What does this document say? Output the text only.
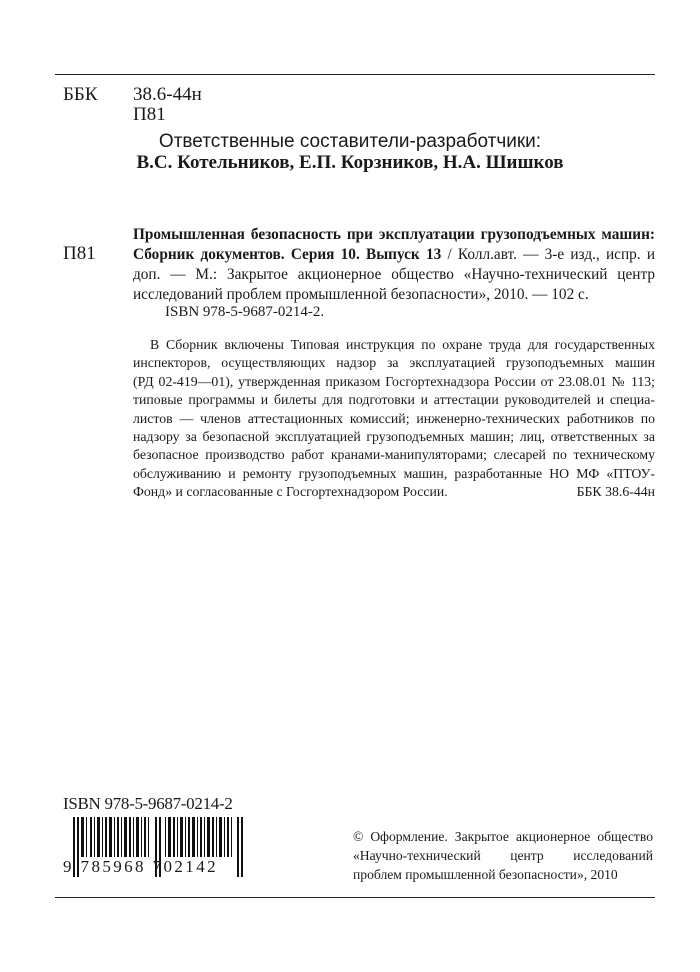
ББК 38.6-44н
П81
Ответственные составители-разработчики:
В.С. Котельников, Е.П. Корзников, Н.А. Шишков
П81
Промышленная безопасность при эксплуатации грузоподъемных машин:
Сборник документов. Серия 10. Выпуск 13 / Колл.авт. — 3-е изд., испр. и
доп. — М.: Закрытое акционерное общество «Научно-технический центр
исследований проблем промышленной безопасности», 2010. — 102 с.
ISBN 978-5-9687-0214-2.
В Сборник включены Типовая инструкция по охране труда для государственных
инспекторов, осуществляющих надзор за эксплуатацией грузоподъемных машин
(РД 02-419—01), утвержденная приказом Госгортехнадзора России от 23.08.01 № 113;
типовые программы и билеты для подготовки и аттестации руководителей и специа-
листов — членов аттестационных комиссий; инженерно-технических работников по
надзору за безопасной эксплуатацией грузоподъемных машин; лиц, ответственных за
безопасное производство работ кранами-манипуляторами; слесарей по техническому
обслуживанию и ремонту грузоподъемных машин, разработанные НО МФ «ПТОУ-
Фонд» и согласованные с Госгортехнадзором России.	ББК 38.6-44н
ISBN 978-5-9687-0214-2
9 785968 702142
© Оформление. Закрытое акционерное общество
«Научно-технический центр исследований
проблем промышленной безопасности», 2010
